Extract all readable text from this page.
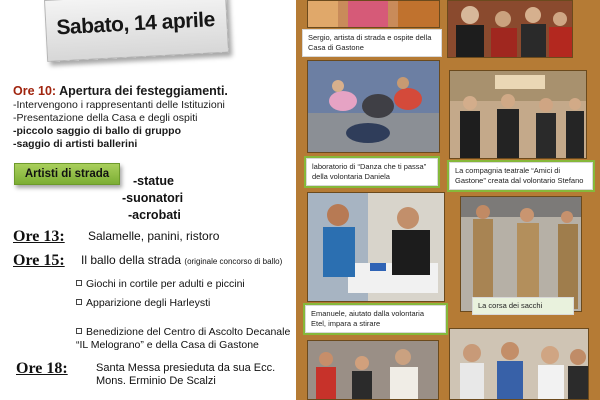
Sabato, 14 aprile
Ore 10: Apertura dei festeggiamenti.
-Intervengono i rappresentanti delle Istituzioni
-Presentazione della Casa e degli ospiti
-piccolo saggio di ballo di gruppo
-saggio di artisti ballerini
Artisti di strada	-statue
-suonatori
-acrobati
Ore 13: Salamelle, panini, ristoro
Ore 15: Il ballo della strada (originale concorso di ballo)
Giochi in cortile per adulti e piccini
Apparizione degli Harleysti
Benedizione del Centro di Ascolto Decanale “IL Melograno” e della Casa di Gastone
Ore 18:	Santa Messa presieduta da sua Ecc.
Mons. Erminio De Scalzi
Sergio, artista di strada e ospite della Casa di Gastone
laboratorio di “Danza che ti passa” della volontaria Daniela
La compagnia teatrale “Amici di Gastone” creata dal volontario Stefano
Emanuele, aiutato dalla volontaria Etel, impara a stirare
La corsa dei sacchi
